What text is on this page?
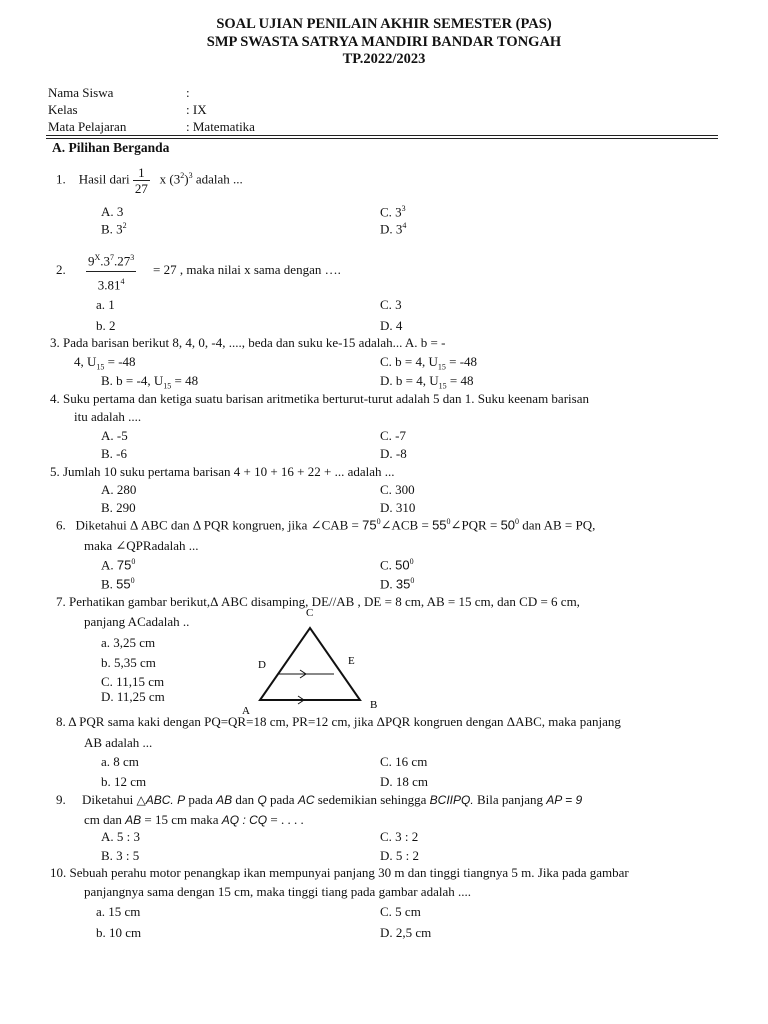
SOAL UJIAN PENILAIN AKHIR SEMESTER (PAS)
SMP SWASTA SATRYA MANDIRI BANDAR TONGAH
TP.2022/2023
Nama Siswa	:
Kelas	: IX
Mata Pelajaran	: Matematika
A. Pilihan Berganda
1. Hasil dari $\frac{1}{27}$ x $(3^2)^3$ adalah ...
A. 3
B. $3^2$
C. $3^3$
D. $3^4$
2. $\frac{9^X.3^7.27^3}{3.81^4} = 27$ , maka nilai x sama dengan ….
a. 1
b. 2
C. 3
D. 4
3. Pada barisan berikut 8, 4, 0, -4, ...., beda dan suku ke-15 adalah... A. b = -
4, $U_{15} = -48$	C. b = 4, $U_{15} = -48$
B. b = -4, $U_{15} = 48$	D. b = 4, $U_{15} = 48$
4. Suku pertama dan ketiga suatu barisan aritmetika berturut-turut adalah 5 dan 1. Suku keenam barisan
itu adalah ....
A. -5
B. -6
C. -7
D. -8
5. Jumlah 10 suku pertama barisan 4 + 10 + 16 + 22 + ... adalah ...
A. 280
B. 290
C. 300
D. 310
6.   Diketahui Δ ABC dan Δ PQR kongruen, jika ∠CAB = $75^0\angle ACB$ = $55^0\angle PQR = 50^0$ dan AB = PQ,
maka ∠QPRadalah ...
A. $75^0$
B. $55^0$
C. $50^0$
D. $35^0$
7. Perhatikan gambar berikut,Δ ABC disamping, DE//AB , DE = 8 cm, AB = 15 cm, dan CD = 6 cm,
panjang ACadalah ..
a. 3,25 cm
b. 5,35 cm
C. 11,15 cm
D. 11,25 cm
C
D	E
A	B
8. Δ PQR sama kaki dengan PQ=QR=18 cm, PR=12 cm, jika ΔPQR kongruen dengan ΔABC, maka panjang
AB adalah ...
a. 8 cm
b. 12 cm
C. 16 cm
D. 18 cm
9.     Diketahui △ABC. P pada AB dan Q pada AC sedemikian sehingga BCIIPQ. Bila panjang AP = 9
cm dan AB = 15 cm maka AQ : CQ = . . . .
A. 5 : 3
B. 3 : 5
C. 3 : 2
D. 5 : 2
10. Sebuah perahu motor penangkap ikan mempunyai panjang 30 m dan tinggi tiangnya 5 m. Jika pada gambar
panjangnya sama dengan 15 cm, maka tinggi tiang pada gambar adalah ....
a. 15 cm
b. 10 cm
C. 5 cm
D. 2,5 cm
